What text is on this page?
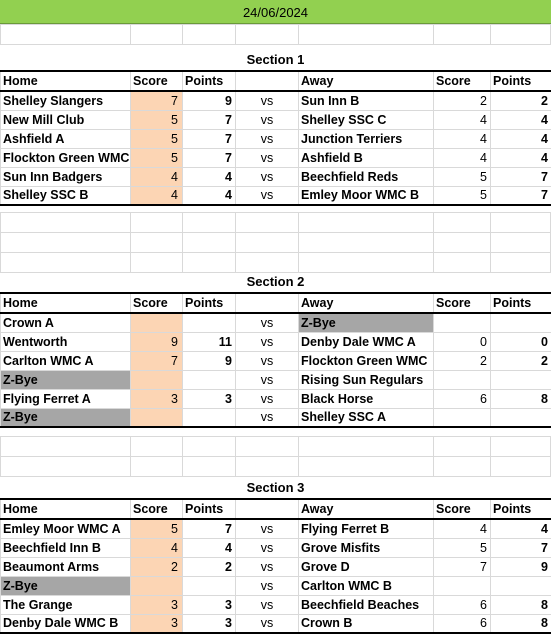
24/06/2024
Section 1
Home	Score	Points		Away	Score	Points
Shelley Slangers	7	9	vs	Sun Inn B	2	2
New Mill Club	5	7	vs	Shelley SSC C	4	4
Ashfield A	5	7	vs	Junction Terriers	4	4
Flockton Green WMC	5	7	vs	Ashfield B	4	4
Sun Inn Badgers	4	4	vs	Beechfield Reds	5	7
Shelley SSC B	4	4	vs	Emley Moor WMC B	5	7
Section 2
Home	Score	Points		Away	Score	Points
Crown A			vs	Z-Bye		
Wentworth	9	11	vs	Denby Dale WMC A	0	0
Carlton WMC A	7	9	vs	Flockton Green WMC	2	2
Z-Bye			vs	Rising Sun Regulars		
Flying Ferret A	3	3	vs	Black Horse	6	8
Z-Bye			vs	Shelley SSC A		
Section 3
Home	Score	Points		Away	Score	Points
Emley Moor WMC A	5	7	vs	Flying Ferret B	4	4
Beechfield Inn B	4	4	vs	Grove Misfits	5	7
Beaumont Arms	2	2	vs	Grove D	7	9
Z-Bye			vs	Carlton WMC B		
The Grange	3	3	vs	Beechfield Beaches	6	8
Denby Dale WMC B	3	3	vs	Crown B	6	8
